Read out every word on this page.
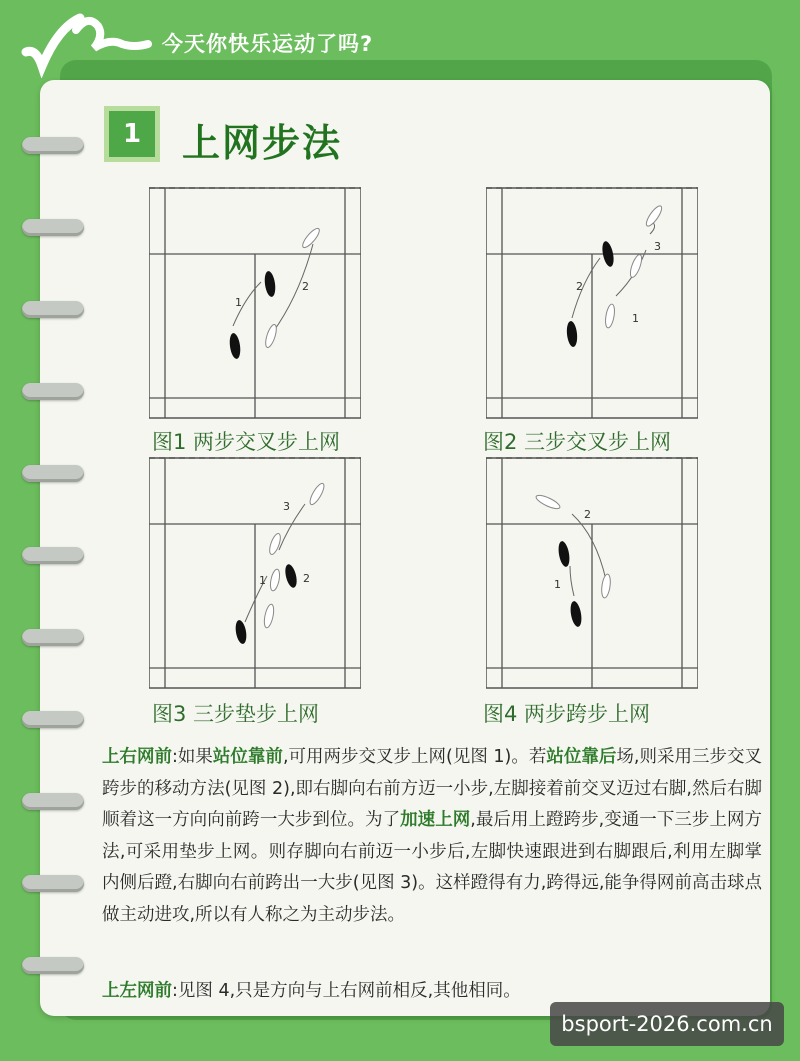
今天你快乐运动了吗?
1	上网步法
1
2
图1 两步交叉步上网
2
3
1
图2 三步交叉步上网
3
1	2
图3 三步垫步上网
2
1
图4 两步跨步上网

上右网前:如果站位靠前,可用两步交叉步上网(见图 1)。若站位靠后场,则采用三步交叉跨步的移动方法(见图 2),即右脚向右前方迈一小步,左脚接着前交叉迈过右脚,然后右脚顺着这一方向向前跨一大步到位。为了加速上网,最后用上蹬跨步,变通一下三步上网方法,可采用垫步上网。则存脚向右前迈一小步后,左脚快速跟进到右脚跟后,利用左脚掌内侧后蹬,右脚向右前跨出一大步(见图 3)。这样蹬得有力,跨得远,能争得网前高击球点做主动进攻,所以有人称之为主动步法。

上左网前:见图 4,只是方向与上右网前相反,其他相同。

bsport-2026.com.cn
